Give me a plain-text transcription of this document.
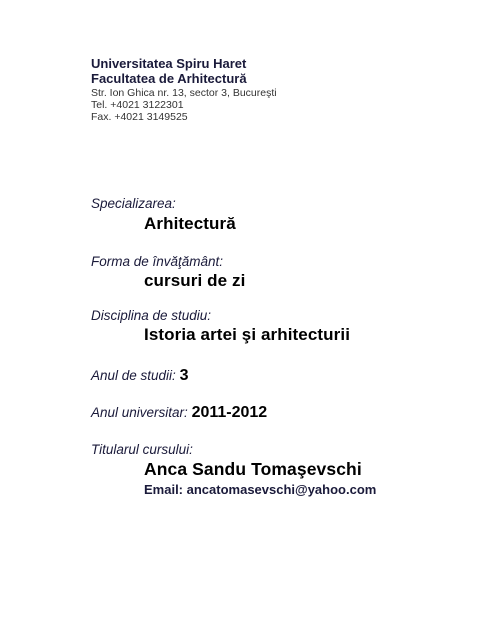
Universitatea Spiru Haret
Facultatea de Arhitectură
Str. Ion Ghica nr. 13, sector 3, Bucureşti
Tel. +4021 3122301
Fax. +4021 3149525
Specializarea:
Arhitectură
Forma de învăţământ:
cursuri de zi
Disciplina de studiu:
Istoria artei şi arhitecturii
Anul de studii: 3
Anul universitar: 2011-2012
Titularul cursului:
Anca Sandu Tomaşevschi
Email: ancatomasevschi@yahoo.com
